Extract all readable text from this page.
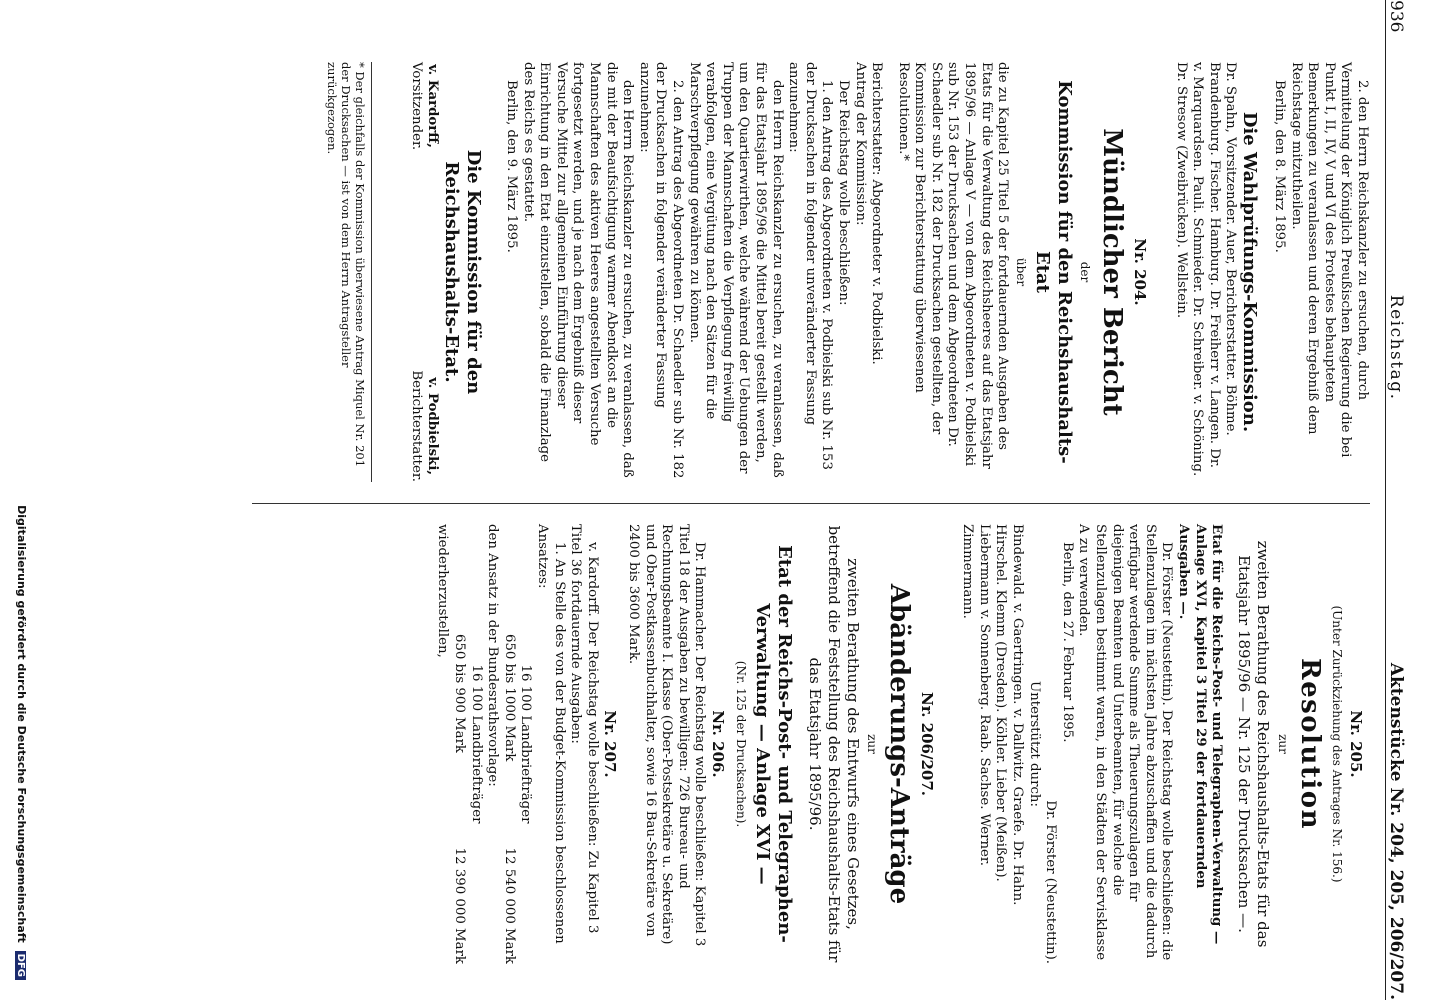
936
Reichstag.
Aktenstücke Nr. 204, 205, 206/207.

2. den Herrn Reichskanzler zu ersuchen, durch Vermittelung der Königlich Preußischen Regierung die bei Punkt I, II, IV, V und VI des Protestes behaupteten Bemerkungen zu veranlassen und deren Ergebniß dem Reichstage mitzutheilen.

Berlin, den 8. März 1895.

Die Wahlprüfungs-Kommission.

Dr. Spahn, Vorsitzender. Auer, Berichterstatter. Böhme. Brandenburg. Fischer. Hamburg. Dr. Freiherr v. Langen. Dr. v. Marquardsen. Pauli. Schmieder. Dr. Schreiber. v. Schöning. Dr. Stresow (Zweibrücken). Wellstein.

Nr. 204.

Mündlicher Bericht

der

Kommission für den Reichshaushalts-Etat

über

die zu Kapitel 25 Titel 5 der fortdauernden Ausgaben des Etats für die Verwaltung des Reichsheeres auf das Etatsjahr 1895/96 — Anlage V — von dem Abgeordneten v. Podbielski sub Nr. 153 der Drucksachen und dem Abgeordneten Dr. Schaedler sub Nr. 182 der Drucksachen gestellten, der Kommission zur Berichterstattung überwiesenen Resolutionen.*

Berichterstatter: Abgeordneter v. Podbielski.

Antrag der Kommission:

Der Reichstag wolle beschließen:

1. den Antrag des Abgeordneten v. Podbielski sub Nr. 153 der Drucksachen in folgender unveränderter Fassung anzunehmen:

den Herrn Reichskanzler zu ersuchen, zu veranlassen, daß für das Etatsjahr 1895/96 die Mittel bereit gestellt werden, um den Quartierwirthen, welche während der Uebungen der Truppen der Mannschaften die Verpflegung freiwillig verabfolgen, eine Vergütung nach den Sätzen für die Marschverpflegung gewähren zu können.

2. den Antrag des Abgeordneten Dr. Schaedler sub Nr. 182 der Drucksachen in folgender veränderter Fassung anzunehmen:

den Herrn Reichskanzler zu ersuchen, zu veranlassen, daß die mit der Beaufsichtigung warmer Abendkost an die Mannschaften des aktiven Heeres angestellten Versuche fortgesetzt werden, und je nach dem Ergebniß dieser Versuche Mittel zur allgemeinen Einführung dieser Einrichtung in den Etat einzustellen, sobald die Finanzlage des Reichs es gestattet.

Berlin, den 9. März 1895.

Die Kommission für den Reichshaushalts-Etat.

v. Kardorff,

Vorsitzender.

v. Podbielski,

Berichterstatter.

* Der gleichfalls der Kommission überwiesene Antrag Miquel Nr. 201 der Drucksachen — ist von dem Herrn Antragsteller

zurückgezogen.

Nr. 205.

(Unter Zurückziehung des Antrages Nr. 156.)

Resolution

zur

zweiten Berathung des Reichshaushalts-Etats für das Etatsjahr 1895/96 — Nr. 125 der Drucksachen —.

Etat für die Reichs-Post- und Telegraphen-Verwaltung — Anlage XVI, Kapitel 3 Titel 29 der fortdauernden Ausgaben —.

Dr. Förster (Neustettin). Der Reichstag wolle beschließen: die Stellenzulagen im nächsten Jahre abzuschaffen und die dadurch verfügbar werdende Summe als Theuerungszulagen für diejenigen Beamten und Unterbeamten, für welche die Stellenzulagen bestimmt waren, in den Städten der Servisklasse A zu verwenden.

Berlin, den 27. Februar 1895.

Dr. Förster (Neustettin).

Unterstützt durch:

Bindewald. v. Gaertringen. v. Dallwitz. Graefe. Dr. Hahn. Hirschel. Klemm (Dresden). Köhler. Lieber (Meißen). Liebermann v. Sonnenberg. Raab. Sachse. Werner. Zimmermann.

Nr. 206/207.

Abänderungs-Anträge

zur

zweiten Berathung des Entwurfs eines Gesetzes, betreffend die Feststellung des Reichshaushalts-Etats für das Etatsjahr 1895/96.

Etat der Reichs-Post- und Telegraphen-Verwaltung — Anlage XVI —

(Nr. 125 der Drucksachen).

Nr. 206.

Dr. Hammacher. Der Reichstag wolle beschließen: Kapitel 3 Titel 18 der Ausgaben zu bewilligen: 726 Bureau- und Rechnungsbeamte I. Klasse (Ober-Postsekretäre u. Sekretäre) und Ober-Postkassenbuchhalter, sowie 16 Bau-Sekretäre von 2400 bis 3600 Mark.

Nr. 207.

v. Kardorff. Der Reichstag wolle beschließen: Zu Kapitel 3 Titel 36 fortdauernde Ausgaben:

1. An Stelle des von der Budget-Kommission beschlossenen Ansatzes:

16 100 Landbriefträger

650 bis 1000 Mark
12 540 000 Mark

den Ansatz in der Bundesrathsvorlage:

16 100 Landbriefträger

650 bis 900 Mark
12 390 000 Mark

wiederherzustellen,

Digitalisierung gefördert durch die Deutsche Forschungsgemeinschaft DFG
